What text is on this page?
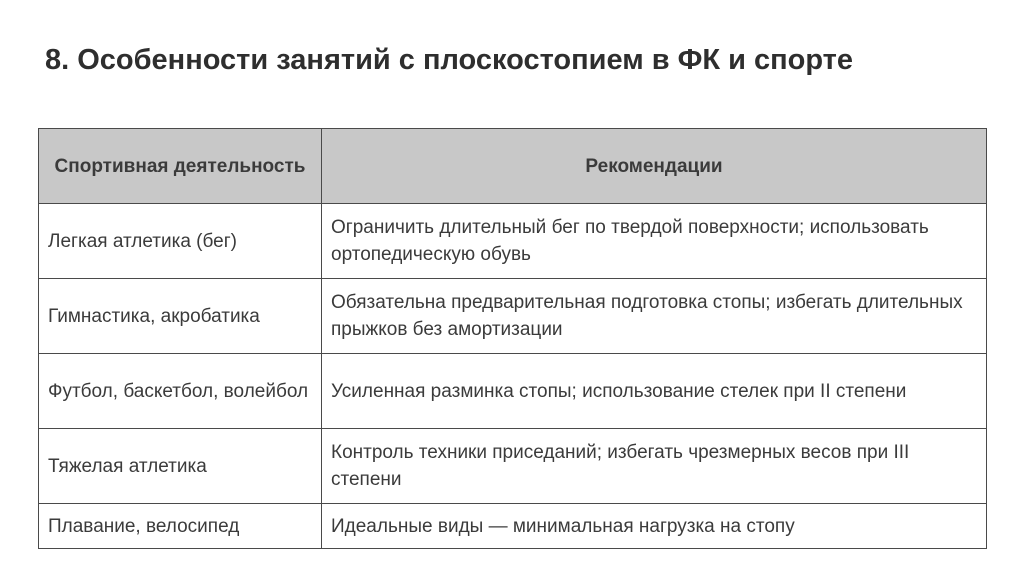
8. Особенности занятий с плоскостопием в ФК и спорте
Спортивная деятельность	Рекомендации
Легкая атлетика (бег)	Ограничить длительный бег по твердой поверхности; использовать ортопедическую обувь
Гимнастика, акробатика	Обязательна предварительная подготовка стопы; избегать длительных прыжков без амортизации
Футбол, баскетбол, волейбол	Усиленная разминка стопы; использование стелек при II степени
Тяжелая атлетика	Контроль техники приседаний; избегать чрезмерных весов при III степени
Плавание, велосипед	Идеальные виды — минимальная нагрузка на стопу
